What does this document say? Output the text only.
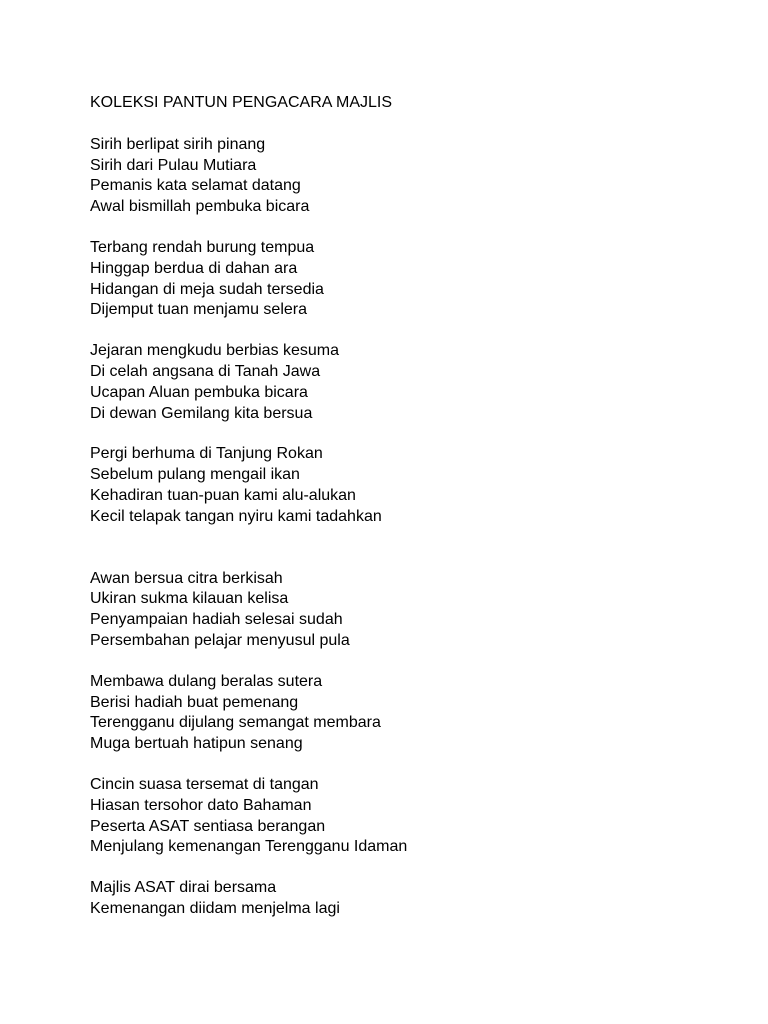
KOLEKSI PANTUN PENGACARA MAJLIS
Sirih berlipat sirih pinang
Sirih dari Pulau Mutiara
Pemanis kata selamat datang
Awal bismillah pembuka bicara
Terbang rendah burung tempua
Hinggap berdua di dahan ara
Hidangan di meja sudah tersedia
Dijemput tuan menjamu selera
Jejaran mengkudu berbias kesuma
Di celah angsana di Tanah Jawa
Ucapan Aluan pembuka bicara
Di dewan Gemilang kita bersua
Pergi berhuma di Tanjung Rokan
Sebelum pulang mengail ikan
Kehadiran tuan-puan kami alu-alukan
Kecil telapak tangan nyiru kami tadahkan
Awan bersua citra berkisah
Ukiran sukma kilauan kelisa
Penyampaian hadiah selesai sudah
Persembahan pelajar menyusul pula
Membawa dulang beralas sutera
Berisi hadiah buat pemenang
Terengganu dijulang semangat membara
Muga bertuah hatipun senang
Cincin suasa tersemat di tangan
Hiasan tersohor dato Bahaman
Peserta ASAT sentiasa berangan
Menjulang kemenangan Terengganu Idaman
Majlis ASAT dirai bersama
Kemenangan diidam menjelma lagi
